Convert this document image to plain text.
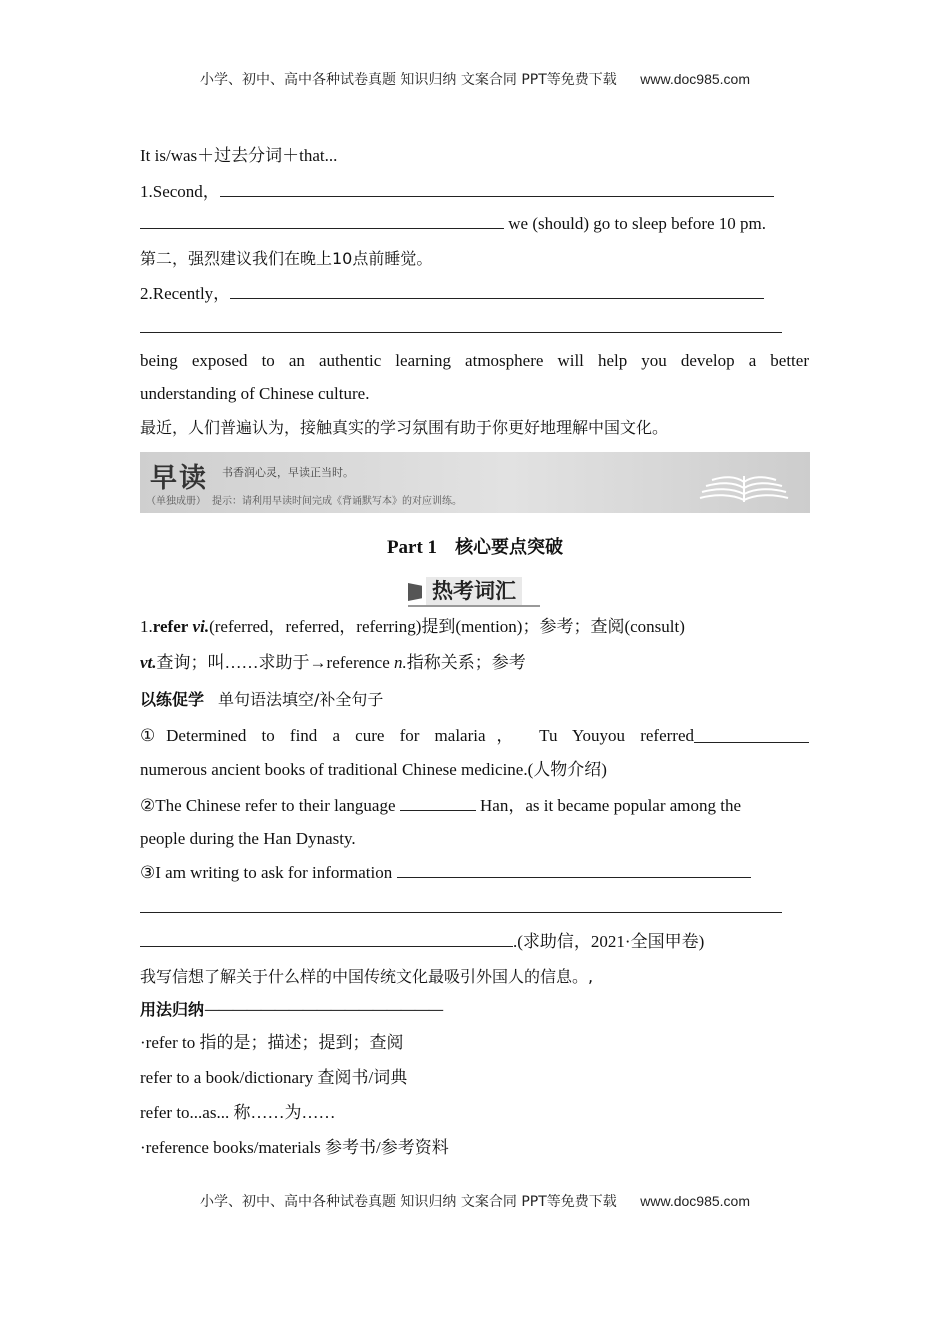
小学、初中、高中各种试卷真题 知识归纳 文案合同 PPT等免费下载 www.doc985.com
It is/was＋过去分词＋that...
1.Second，
we (should) go to sleep before 10 pm.
第二，强烈建议我们在晚上10点前睡觉。
2.Recently，
being exposed to an authentic learning atmosphere will help you develop a better
understanding of Chinese culture.
最近，人们普遍认为，接触真实的学习氛围有助于你更好地理解中国文化。
早读 书香润心灵，早读正当时。
（单独成册） 提示：请利用早读时间完成《背诵默写本》的对应训练。
Part 1 核心要点突破
热考词汇
1.refer vi.(referred，referred，referring)提到(mention)；参考；查阅(consult)
vt.查询；叫……求助于→reference n.指称关系；参考
以练促学 单句语法填空/补全句子
①Determined to find a cure for malaria， Tu Youyou referred
numerous ancient books of traditional Chinese medicine.(人物介绍)
②The Chinese refer to their language	Han，as it became popular among the
people during the Han Dynasty.
③I am writing to ask for information
.(求助信，2021·全国甲卷)
我写信想了解关于什么样的中国传统文化最吸引外国人的信息。,
用法归纳—————————————————
·refer to 指的是；描述；提到；查阅
refer to a book/dictionary 查阅书/词典
refer to...as... 称……为……
·reference books/materials 参考书/参考资料
小学、初中、高中各种试卷真题 知识归纳 文案合同 PPT等免费下载 www.doc985.com
